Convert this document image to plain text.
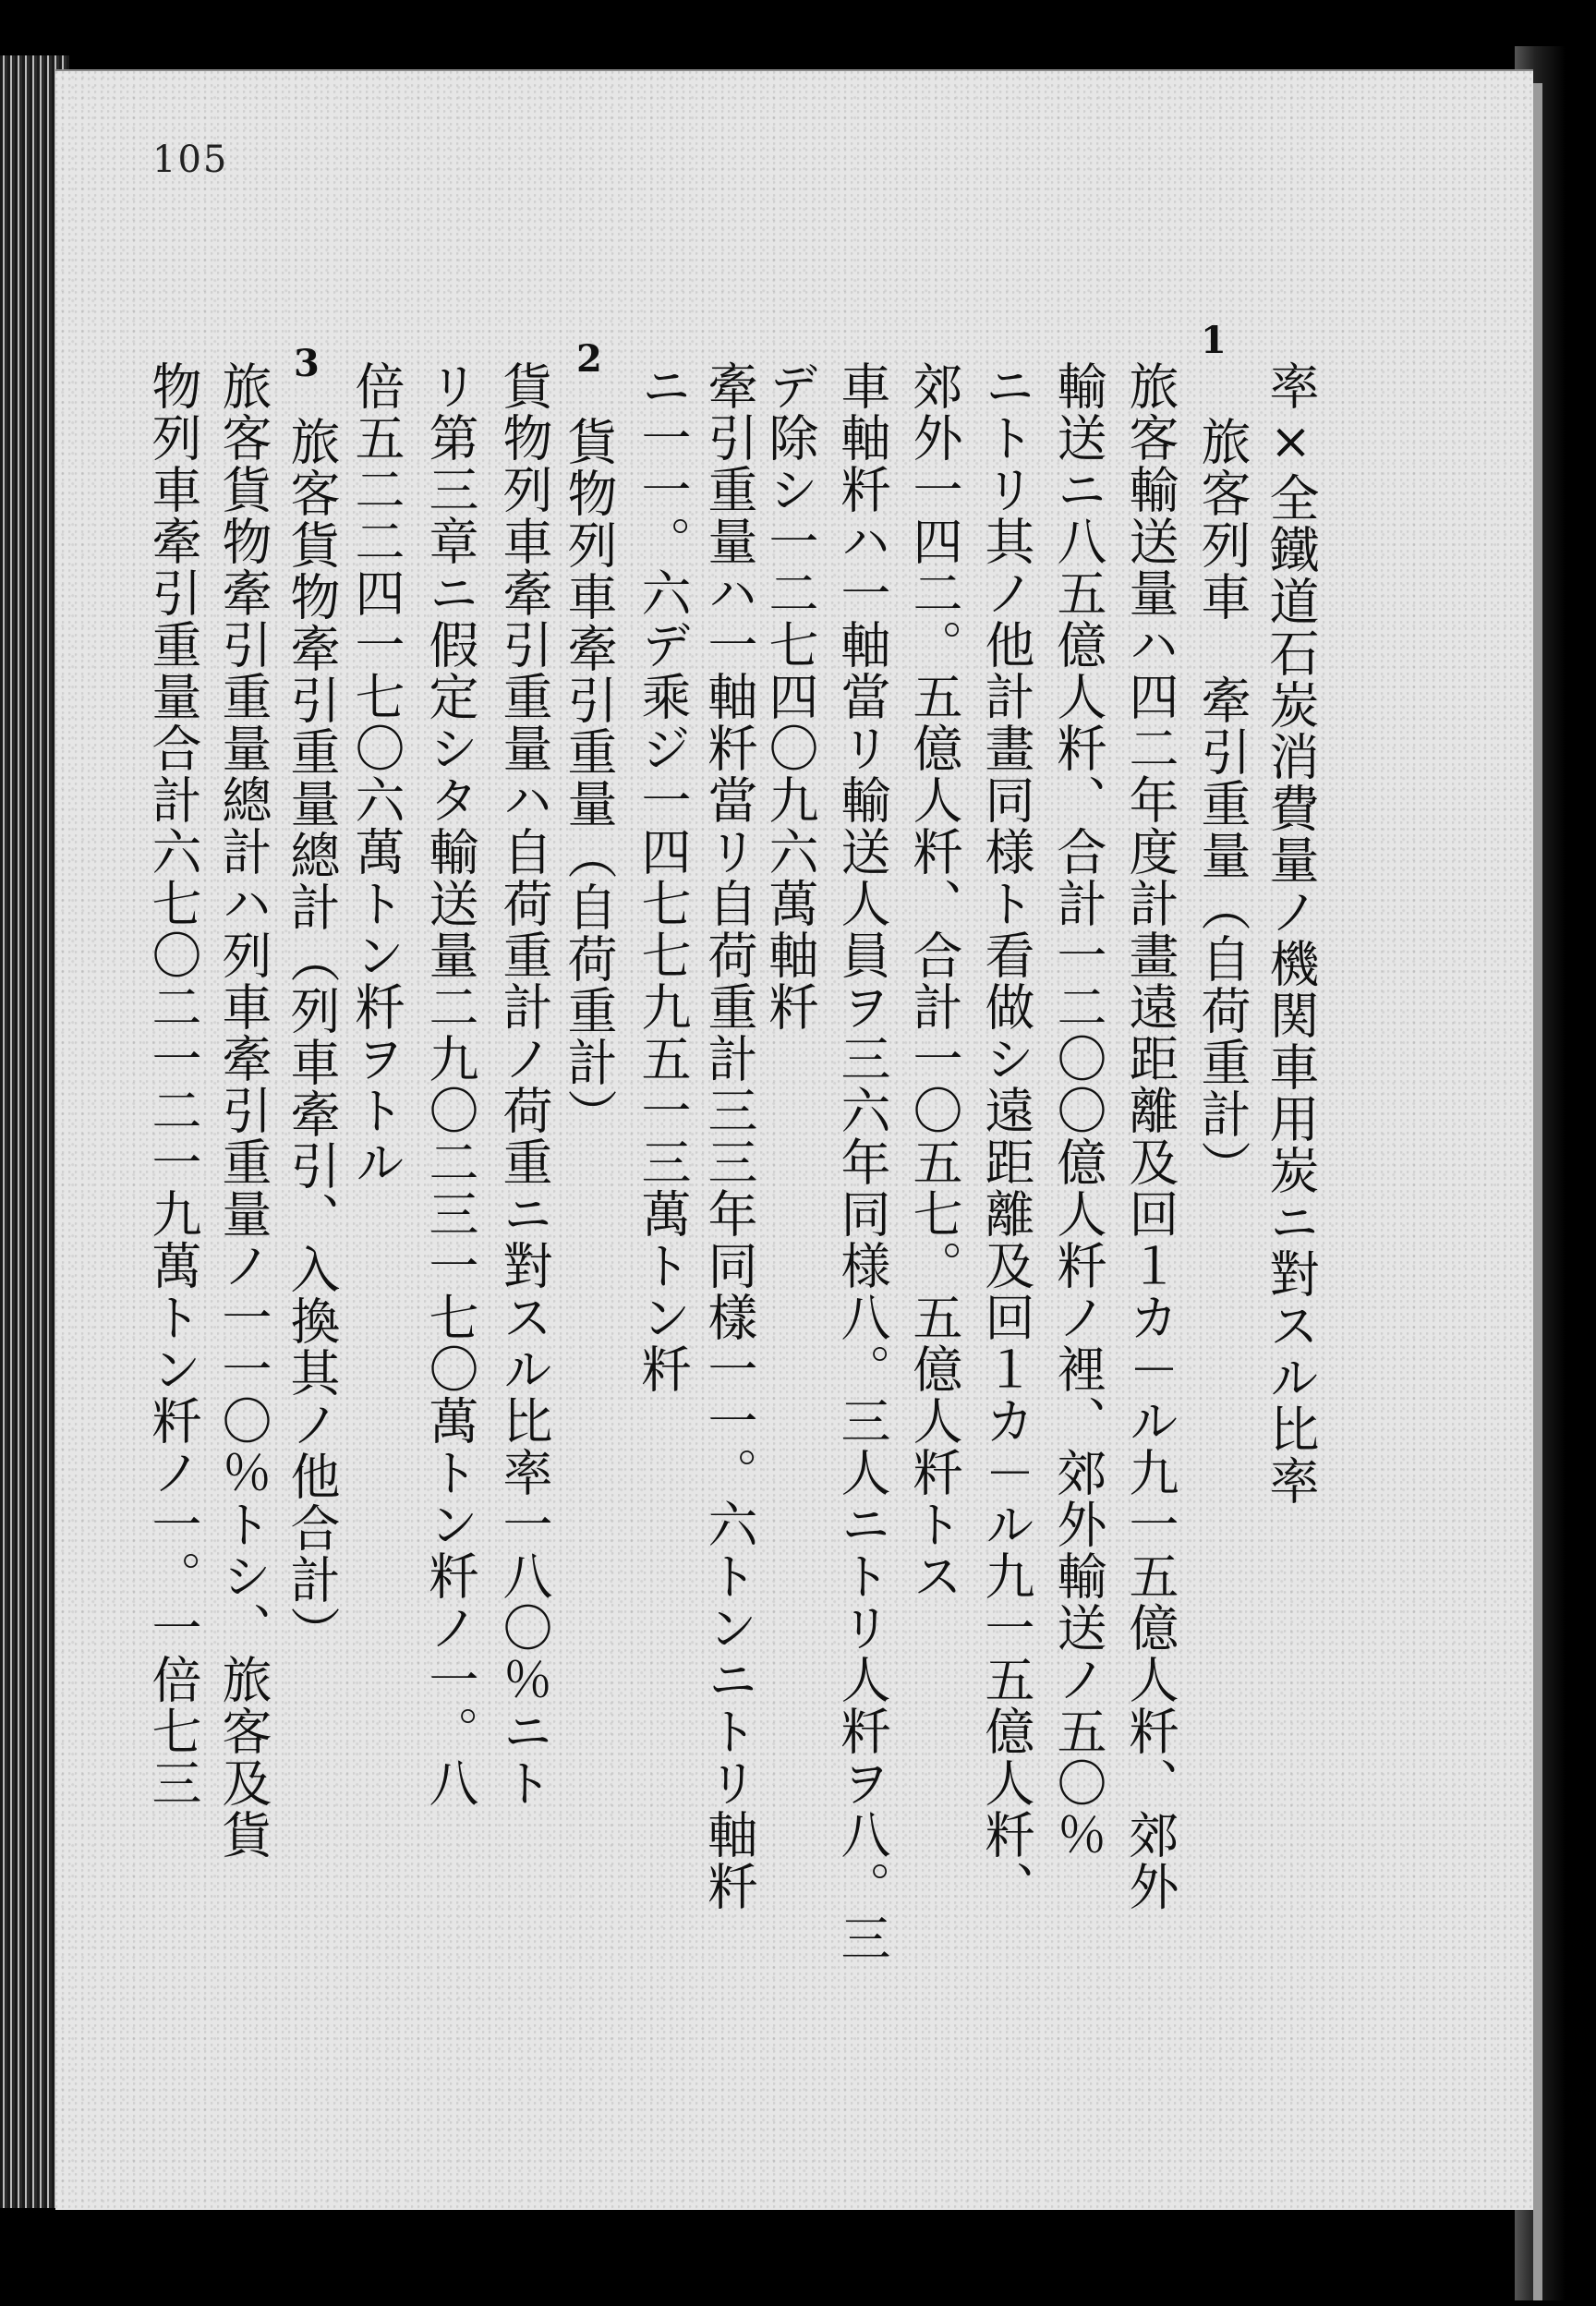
105
1
2
3	率×全鐵道石炭消費量ノ機関車用炭ニ對スル比率
旅客列車　牽引重量（自荷重計）
旅客輸送量ハ四二年度計畫遠距離及回１カ－ル九一五億人粁、郊外
輸送ニ八五億人粁、合計一二〇〇億人粁ノ裡、郊外輸送ノ五〇％
ニトリ其ノ他計畫同様ト看做シ遠距離及回１カ－ル九一五億人粁、
郊外一四二。五億人粁、合計一〇五七。五億人粁トス
車軸粁ハ一軸當リ輸送人員ヲ三六年同様八。三人ニトリ人粁ヲ八。三
デ除シ一二七四〇九六萬軸粁
牽引重量ハ一軸粁當リ自荷重計三三年同樣一一。六トンニトリ軸粁
ニ一一。六デ乘ジ一四七七九五一三萬トン粁
貨物列車牽引重量（自荷重計）
貨物列車牽引重量ハ自荷重計ノ荷重ニ對スル比率一八〇％ニト
リ第三章ニ假定シタ輸送量二九〇二三一七〇萬トン粁ノ一。八
倍五二二四一七〇六萬トン粁ヲトル
旅客貨物牽引重量總計（列車牽引、入換其ノ他合計）
旅客貨物牽引重量總計ハ列車牽引重量ノ一一〇％トシ、旅客及貨
物列車牽引重量合計六七〇二一二一九萬トン粁ノ一。一倍七三
